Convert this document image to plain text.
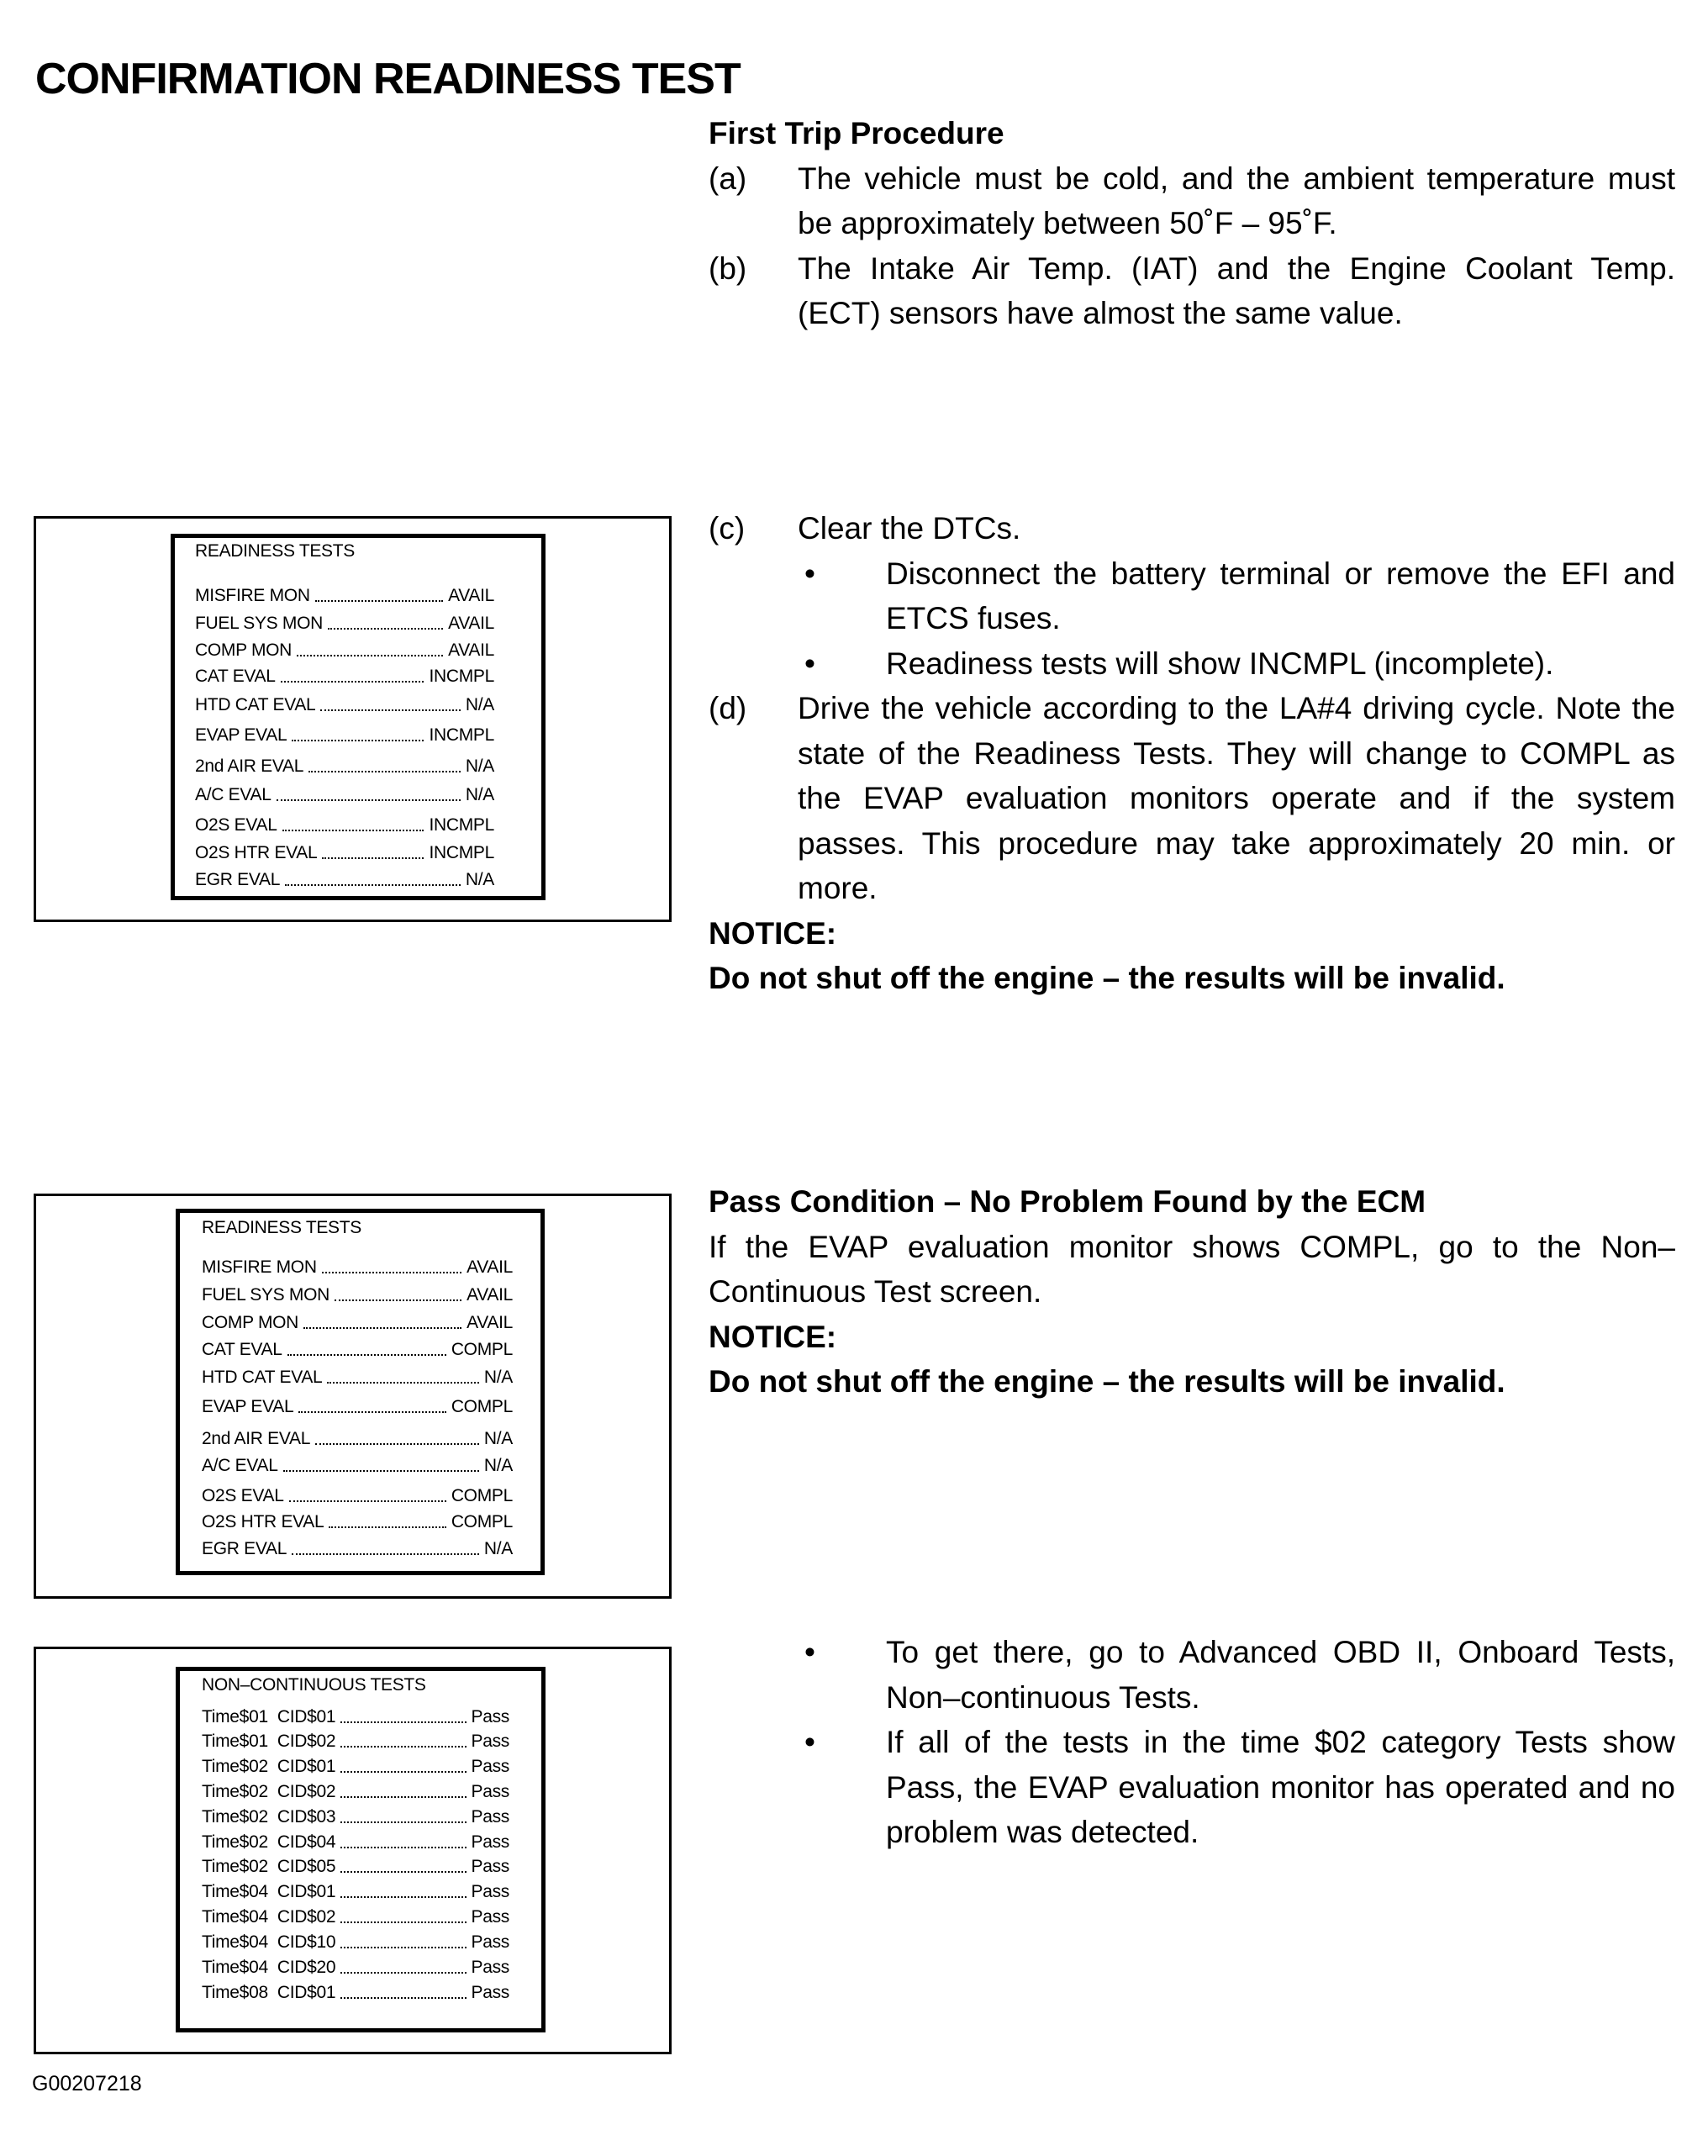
CONFIRMATION READINESS TEST
First Trip Procedure
(a) The vehicle must be cold, and the ambient temperature must be approximately between 50˚F – 95˚F.
(b) The Intake Air Temp. (IAT) and the Engine Coolant Temp. (ECT) sensors have almost the same value.
(c) Clear the DTCs.
• Disconnect the battery terminal or remove the EFI and ETCS fuses.
• Readiness tests will show INCMPL (incomplete).
(d) Drive the vehicle according to the LA#4 driving cycle. Note the state of the Readiness Tests. They will change to COMPL as the EVAP evaluation monitors operate and if the system passes. This procedure may take approximately 20 min. or more.
NOTICE:
Do not shut off the engine – the results will be invalid.
Pass Condition – No Problem Found by the ECM
If the EVAP evaluation monitor shows COMPL, go to the Non–Continuous Test screen.
NOTICE:
Do not shut off the engine – the results will be invalid.
• To get there, go to Advanced OBD II, Onboard Tests, Non–continuous Tests.
• If all of the tests in the time $02 category Tests show Pass, the EVAP evaluation monitor has operated and no problem was detected.
READINESS TESTS
MISFIRE MON	AVAIL
FUEL SYS MON	AVAIL
COMP MON	AVAIL
CAT EVAL	INCMPL
HTD CAT EVAL	N/A
EVAP EVAL	INCMPL
2nd AIR EVAL	N/A
A/C EVAL	N/A
O2S EVAL	INCMPL
O2S HTR EVAL	INCMPL
EGR EVAL	N/A
READINESS TESTS
MISFIRE MON	AVAIL
FUEL SYS MON	AVAIL
COMP MON	AVAIL
CAT EVAL	COMPL
HTD CAT EVAL	N/A
EVAP EVAL	COMPL
2nd AIR EVAL	N/A
A/C EVAL	N/A
O2S EVAL	COMPL
O2S HTR EVAL	COMPL
EGR EVAL	N/A
NON–CONTINUOUS TESTS
Time$01  CID$01	Pass
Time$01  CID$02	Pass
Time$02  CID$01	Pass
Time$02  CID$02	Pass
Time$02  CID$03	Pass
Time$02  CID$04	Pass
Time$02  CID$05	Pass
Time$04  CID$01	Pass
Time$04  CID$02	Pass
Time$04  CID$10	Pass
Time$04  CID$20	Pass
Time$08  CID$01	Pass
G00207218
